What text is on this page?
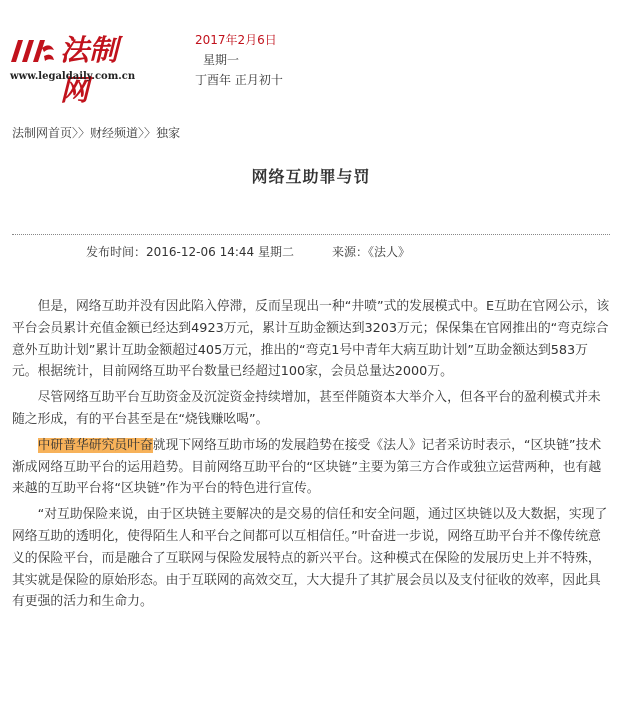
法制网
www.legaldaily.com.cn
2017年2月6日
星期一
丁酉年 正月初十
法制网首页〉〉财经频道〉〉独家
网络互助罪与罚
发布时间：2016-12-06 14:44 星期二	来源：《法人》

但是，网络互助并没有因此陷入停滞，反而呈现出一种“井喷”式的发展模式中。E互助在官网公示，该平台会员累计充值金额已经达到4923万元，累计互助金额达到3203万元；保保集在官网推出的“弯克综合意外互助计划”累计互助金额超过405万元，推出的“弯克1号中青年大病互助计划”互助金额达到583万元。根据统计，目前网络互助平台数量已经超过100家，会员总量达2000万。

尽管网络互助平台互助资金及沉淀资金持续增加，甚至伴随资本大举介入，但各平台的盈利模式并未随之形成，有的平台甚至是在“烧钱赚吆喝”。

中研普华研究员叶奋就现下网络互助市场的发展趋势在接受《法人》记者采访时表示，“区块链”技术渐成网络互助平台的运用趋势。目前网络互助平台的“区块链”主要为第三方合作或独立运营两种，也有越来越的互助平台将“区块链”作为平台的特色进行宣传。

“对互助保险来说，由于区块链主要解决的是交易的信任和安全问题，通过区块链以及大数据，实现了网络互助的透明化，使得陌生人和平台之间都可以互相信任。”叶奋进一步说，网络互助平台并不像传统意义的保险平台，而是融合了互联网与保险发展特点的新兴平台。这种模式在保险的发展历史上并不特殊，其实就是保险的原始形态。由于互联网的高效交互，大大提升了其扩展会员以及支付征收的效率，因此具有更强的活力和生命力。
